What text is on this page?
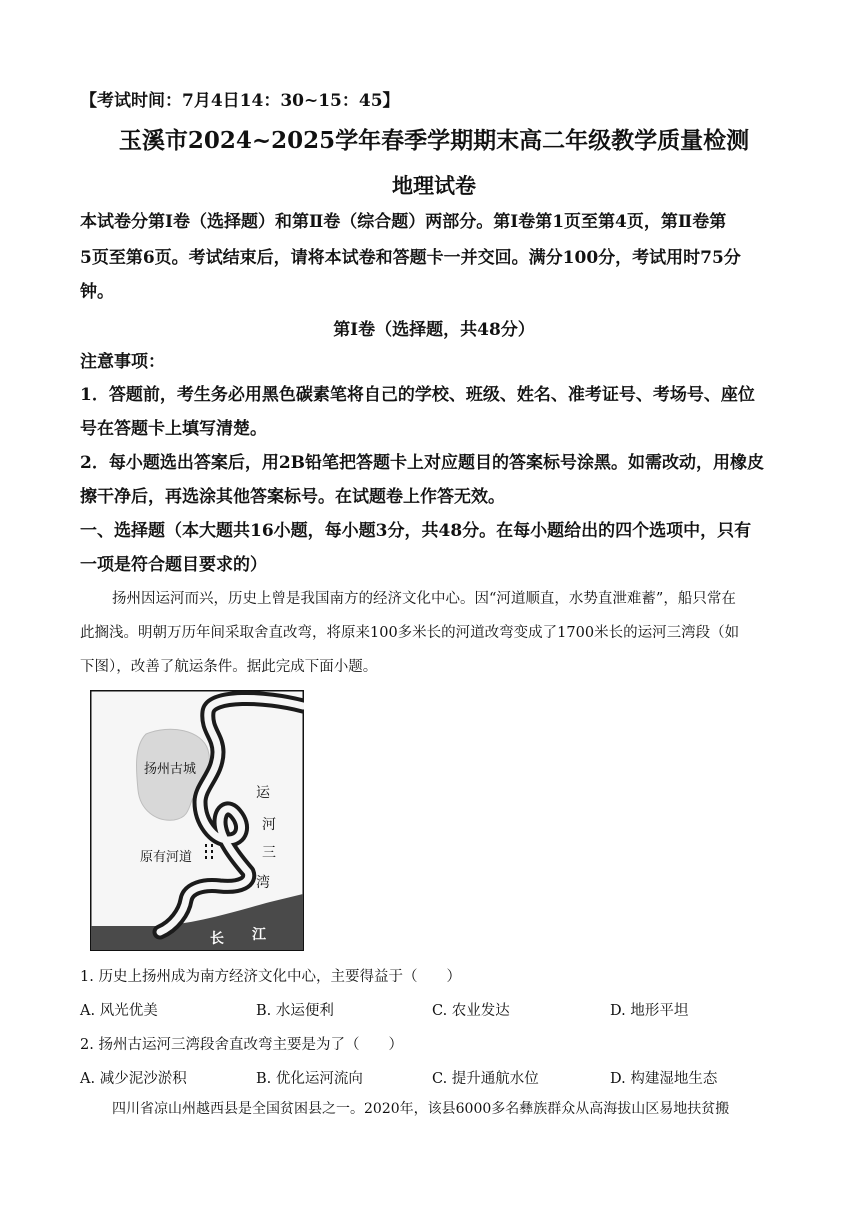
【考试时间：7月4日14：30~15：45】
玉溪市2024~2025学年春季学期期末高二年级教学质量检测
地理试卷
本试卷分第Ⅰ卷（选择题）和第Ⅱ卷（综合题）两部分。第Ⅰ卷第1页至第4页，第Ⅱ卷第
5页至第6页。考试结束后，请将本试卷和答题卡一并交回。满分100分，考试用时75分
钟。
第Ⅰ卷（选择题，共48分）
注意事项：
1．答题前，考生务必用黑色碳素笔将自己的学校、班级、姓名、准考证号、考场号、座位
号在答题卡上填写清楚。
2．每小题选出答案后，用2B铅笔把答题卡上对应题目的答案标号涂黑。如需改动，用橡皮
擦干净后，再选涂其他答案标号。在试题卷上作答无效。
一、选择题（本大题共16小题，每小题3分，共48分。在每小题给出的四个选项中，只有
一项是符合题目要求的）
扬州因运河而兴，历史上曾是我国南方的经济文化中心。因“河道顺直，水势直泄难蓄”，船只常在
此搁浅。明朝万历年间采取舍直改弯，将原来100多米长的河道改弯变成了1700米长的运河三湾段（如
下图），改善了航运条件。据此完成下面小题。
扬州古城
运
河
三
湾
原有河道
长 江
1. 历史上扬州成为南方经济文化中心，主要得益于（　　）
A. 风光优美	B. 水运便利	C. 农业发达	D. 地形平坦
2. 扬州古运河三湾段舍直改弯主要是为了（　　）
A. 减少泥沙淤积	B. 优化运河流向	C. 提升通航水位	D. 构建湿地生态
四川省凉山州越西县是全国贫困县之一。2020年，该县6000多名彝族群众从高海拔山区易地扶贫搬
